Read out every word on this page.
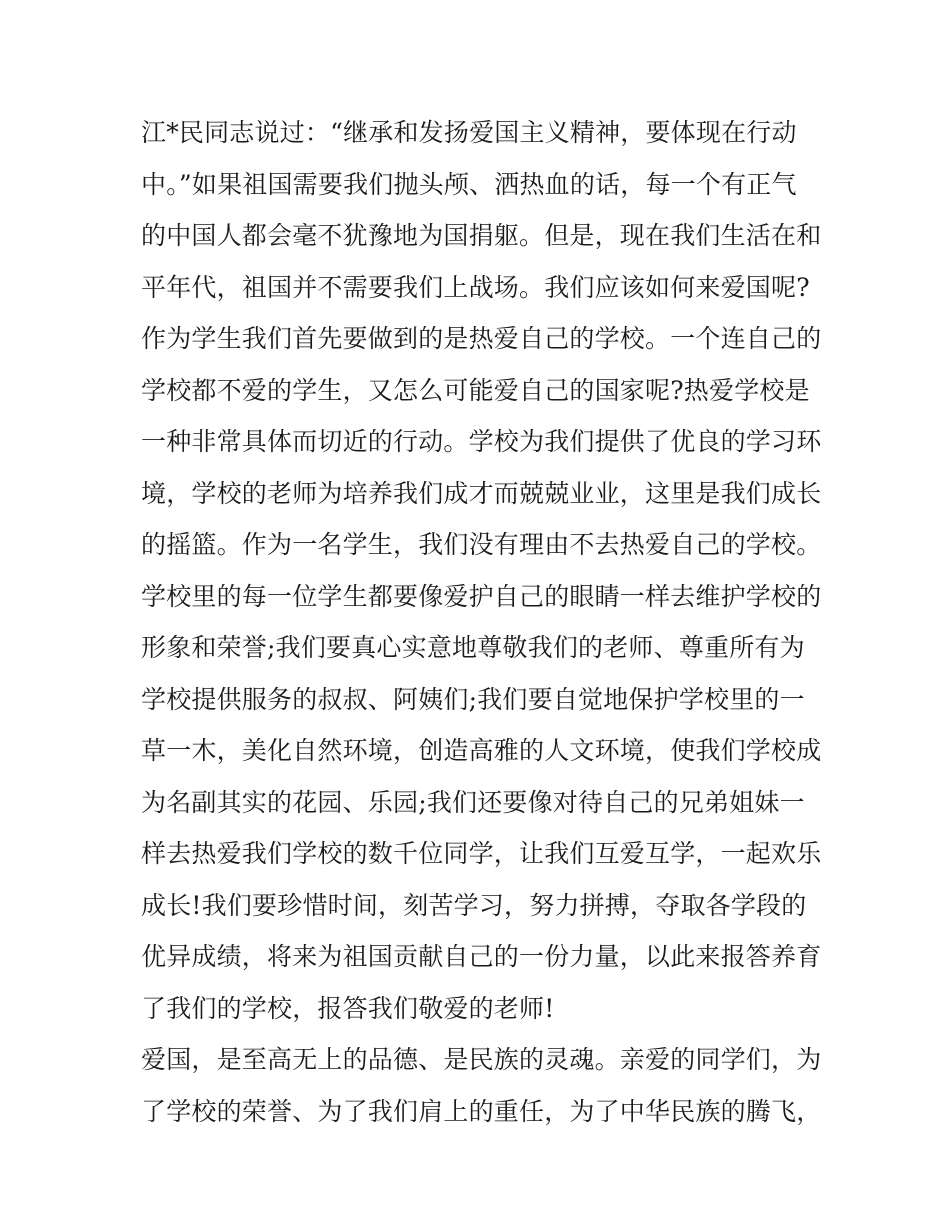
江*民同志说过：“继承和发扬爱国主义精神，要体现在行动
中。”如果祖国需要我们抛头颅、洒热血的话，每一个有正气
的中国人都会毫不犹豫地为国捐躯。但是，现在我们生活在和
平年代，祖国并不需要我们上战场。我们应该如何来爱国呢?
作为学生我们首先要做到的是热爱自己的学校。一个连自己的
学校都不爱的学生，又怎么可能爱自己的国家呢?热爱学校是
一种非常具体而切近的行动。学校为我们提供了优良的学习环
境，学校的老师为培养我们成才而兢兢业业，这里是我们成长
的摇篮。作为一名学生，我们没有理由不去热爱自己的学校。
学校里的每一位学生都要像爱护自己的眼睛一样去维护学校的
形象和荣誉;我们要真心实意地尊敬我们的老师、尊重所有为
学校提供服务的叔叔、阿姨们;我们要自觉地保护学校里的一
草一木，美化自然环境，创造高雅的人文环境，使我们学校成
为名副其实的花园、乐园;我们还要像对待自己的兄弟姐妹一
样去热爱我们学校的数千位同学，让我们互爱互学，一起欢乐
成长!我们要珍惜时间，刻苦学习，努力拼搏，夺取各学段的
优异成绩，将来为祖国贡献自己的一份力量，以此来报答养育
了我们的学校，报答我们敬爱的老师!
爱国，是至高无上的品德、是民族的灵魂。亲爱的同学们，为
了学校的荣誉、为了我们肩上的重任，为了中华民族的腾飞，
